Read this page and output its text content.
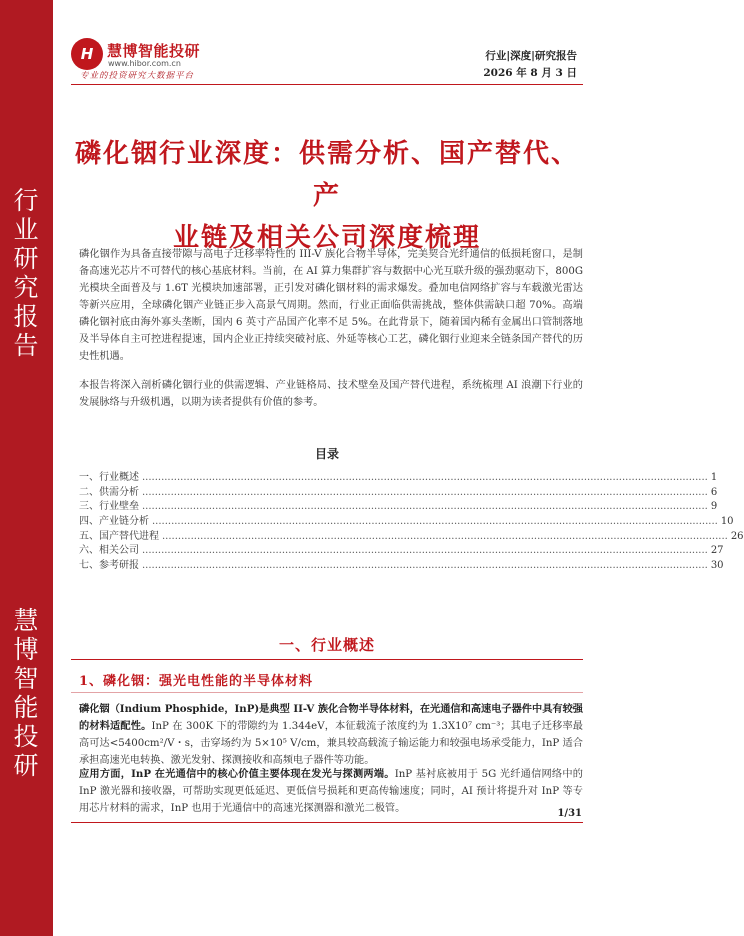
行业研究报告
慧博智能投研
H 慧博智能投研
www.hibor.com.cn
专业的投资研究大数据平台
行业|深度|研究报告
2026 年 8 月 3 日
磷化铟行业深度：供需分析、国产替代、产
业链及相关公司深度梳理
磷化铟作为具备直接带隙与高电子迁移率特性的 III-V 族化合物半导体，完美契合光纤通信的低损耗窗口，是制备高速光芯片不可替代的核心基底材料。当前，在 AI 算力集群扩容与数据中心光互联升级的强劲驱动下，800G 光模块全面普及与 1.6T 光模块加速部署，正引发对磷化铟材料的需求爆发。叠加电信网络扩容与车载激光雷达等新兴应用，全球磷化铟产业链正步入高景气周期。然而，行业正面临供需挑战，整体供需缺口超 70%。高端磷化铟衬底由海外寡头垄断，国内 6 英寸产品国产化率不足 5%。在此背景下，随着国内稀有金属出口管制落地及半导体自主可控进程提速，国内企业正持续突破衬底、外延等核心工艺，磷化铟行业迎来全链条国产替代的历史性机遇。
本报告将深入剖析磷化铟行业的供需逻辑、产业链格局、技术壁垒及国产替代进程，系统梳理 AI 浪潮下行业的发展脉络与升级机遇，以期为读者提供有价值的参考。
目录
一、行业概述 .................................................................................................................................................................................. 1
二、供需分析 .................................................................................................................................................................................. 6
三、行业壁垒 .................................................................................................................................................................................. 9
四、产业链分析 .................................................................................................................................................................................. 10
五、国产替代进程 .................................................................................................................................................................................. 26
六、相关公司 .................................................................................................................................................................................. 27
七、参考研报 .................................................................................................................................................................................. 30
一、行业概述
1、磷化铟：强光电性能的半导体材料
磷化铟（Indium Phosphide，InP)是典型 II-V 族化合物半导体材料，在光通信和高速电子器件中具有较强的材料适配性。InP 在 300K 下的带隙约为 1.344eV，本征载流子浓度约为 1.3X10⁷ cm⁻³；其电子迁移率最高可达<5400cm²/V・s，击穿场约为 5×10⁵ V/cm，兼具较高载流子输运能力和较强电场承受能力，InP 适合承担高速光电转换、激光发射、探测接收和高频电子器件等功能。
应用方面，InP 在光通信中的核心价值主要体现在发光与探测两端。InP 基衬底被用于 5G 光纤通信网络中的 InP 激光器和接收器，可帮助实现更低延迟、更低信号损耗和更高传输速度；同时，AI 预计将提升对 InP 等专用芯片材料的需求，InP 也用于光通信中的高速光探测器和激光二极管。	1/31
